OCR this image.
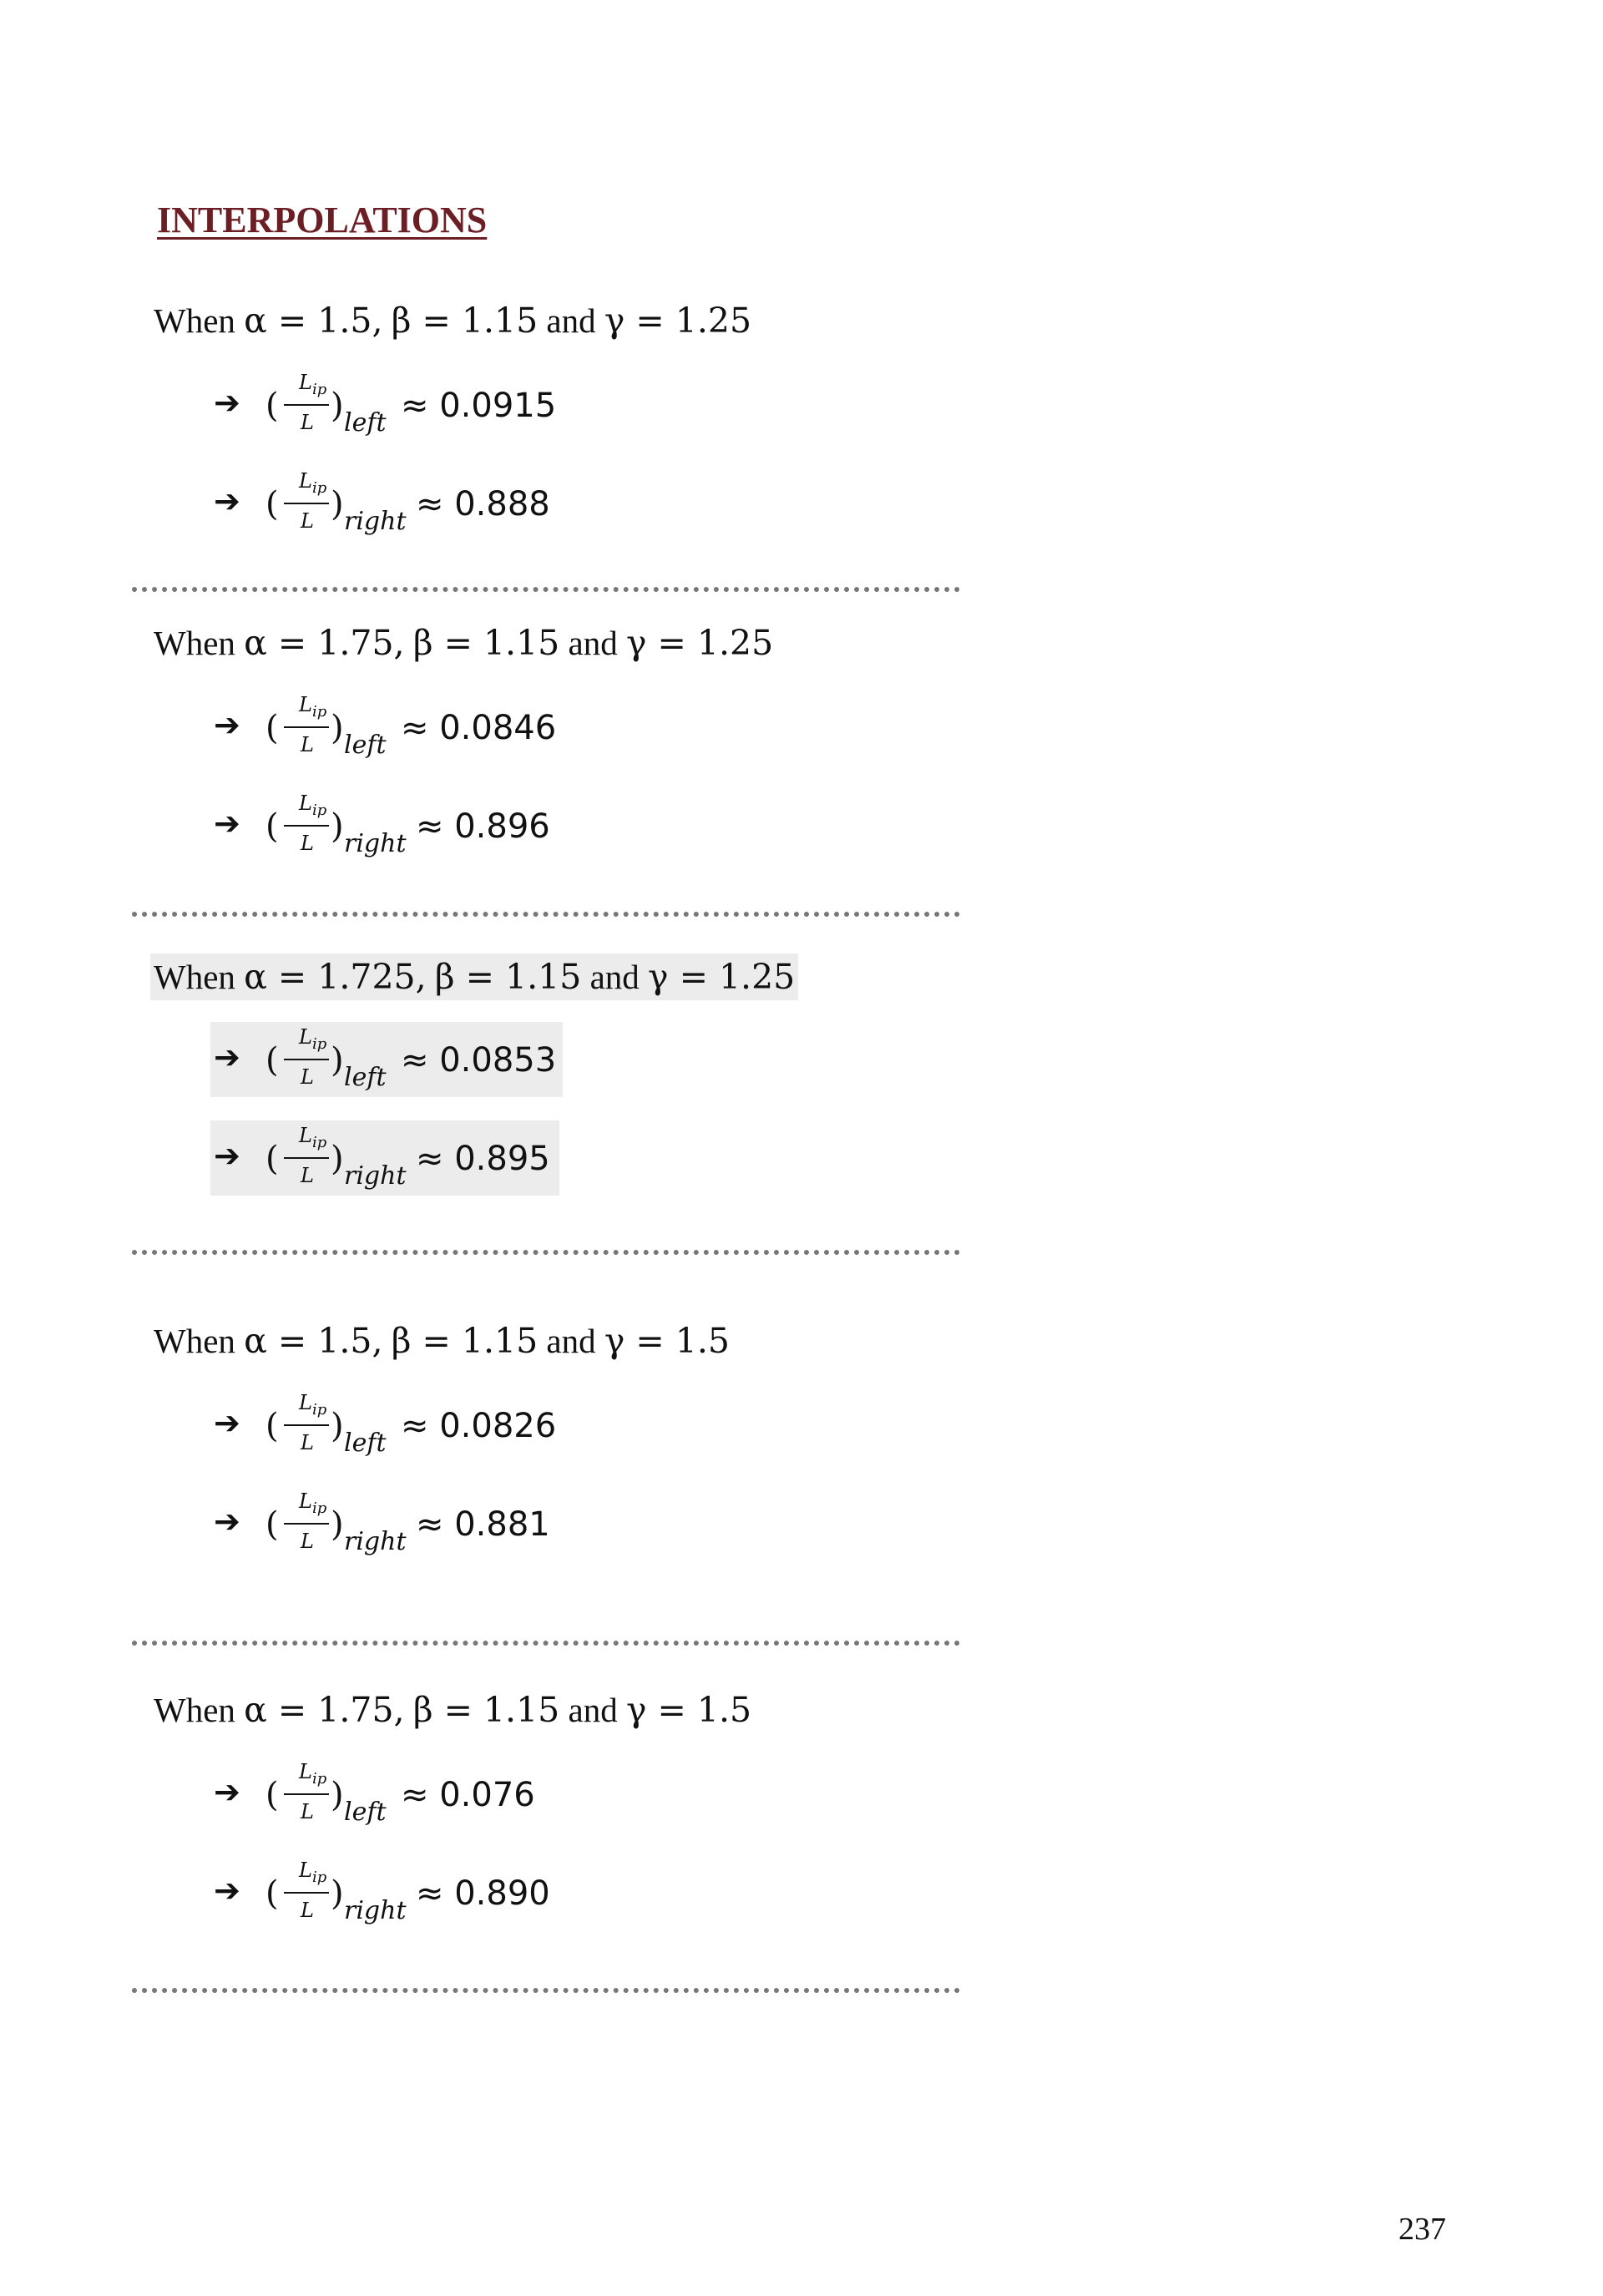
INTERPOLATIONS
When α = 1.5, β = 1.15 and γ = 1.25
➔ (
$L_{ip}$
L ) left ≈ 0.0915
➔ (
$L_{ip}$
L ) right ≈ 0.888
When α = 1.75, β = 1.15 and γ = 1.25
➔ (
$L_{ip}$
L ) left ≈ 0.0846
➔ (
$L_{ip}$
L ) right ≈ 0.896
When α = 1.725, β = 1.15 and γ = 1.25
➔ (
$L_{ip}$
L ) left ≈ 0.0853
➔ (
$L_{ip}$
L ) right ≈ 0.895
When α = 1.5, β = 1.15 and γ = 1.5
➔ (
$L_{ip}$
L ) left ≈ 0.0826
➔ (
$L_{ip}$
L ) right ≈ 0.881
When α = 1.75, β = 1.15 and γ = 1.5
➔ (
$L_{ip}$
L ) left ≈ 0.076
➔ (
$L_{ip}$
L ) right ≈ 0.890
237
